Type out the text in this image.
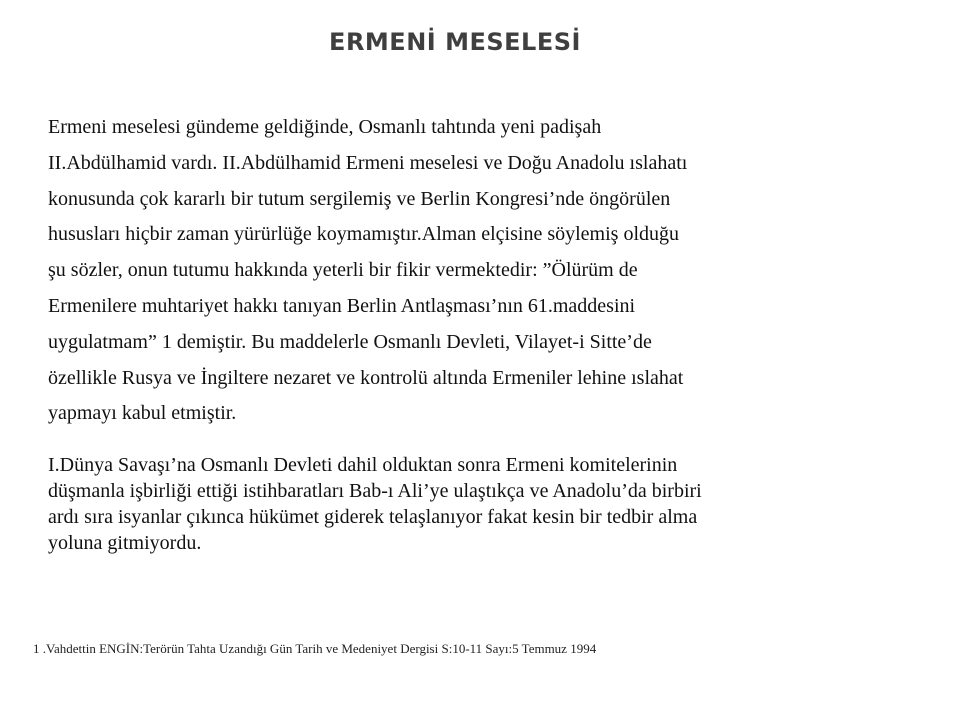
ERMENİ MESELESİ
Ermeni meselesi gündeme geldiğinde, Osmanlı tahtında yeni padişah
II.Abdülhamid vardı. II.Abdülhamid Ermeni meselesi ve Doğu Anadolu ıslahatı
konusunda çok kararlı bir tutum sergilemiş ve Berlin Kongresi’nde öngörülen
hususları hiçbir zaman yürürlüğe koymamıştır.Alman elçisine söylemiş olduğu
şu sözler, onun tutumu hakkında yeterli bir fikir vermektedir: ”Ölürüm de
Ermenilere muhtariyet hakkı tanıyan Berlin Antlaşması’nın 61.maddesini
uygulatmam” 1 demiştir. Bu maddelerle Osmanlı Devleti, Vilayet-i Sitte’de
özellikle Rusya ve İngiltere nezaret ve kontrolü altında Ermeniler lehine ıslahat
yapmayı kabul etmiştir.
I.Dünya Savaşı’na Osmanlı Devleti dahil olduktan sonra Ermeni komitelerinin
düşmanla işbirliği ettiği istihbaratları Bab-ı Ali’ye ulaştıkça ve Anadolu’da birbiri
ardı sıra isyanlar çıkınca hükümet giderek telaşlanıyor fakat kesin bir tedbir alma
yoluna gitmiyordu.
1 .Vahdettin ENGİN:Terörün Tahta Uzandığı Gün Tarih ve Medeniyet Dergisi S:10-11 Sayı:5 Temmuz 1994
